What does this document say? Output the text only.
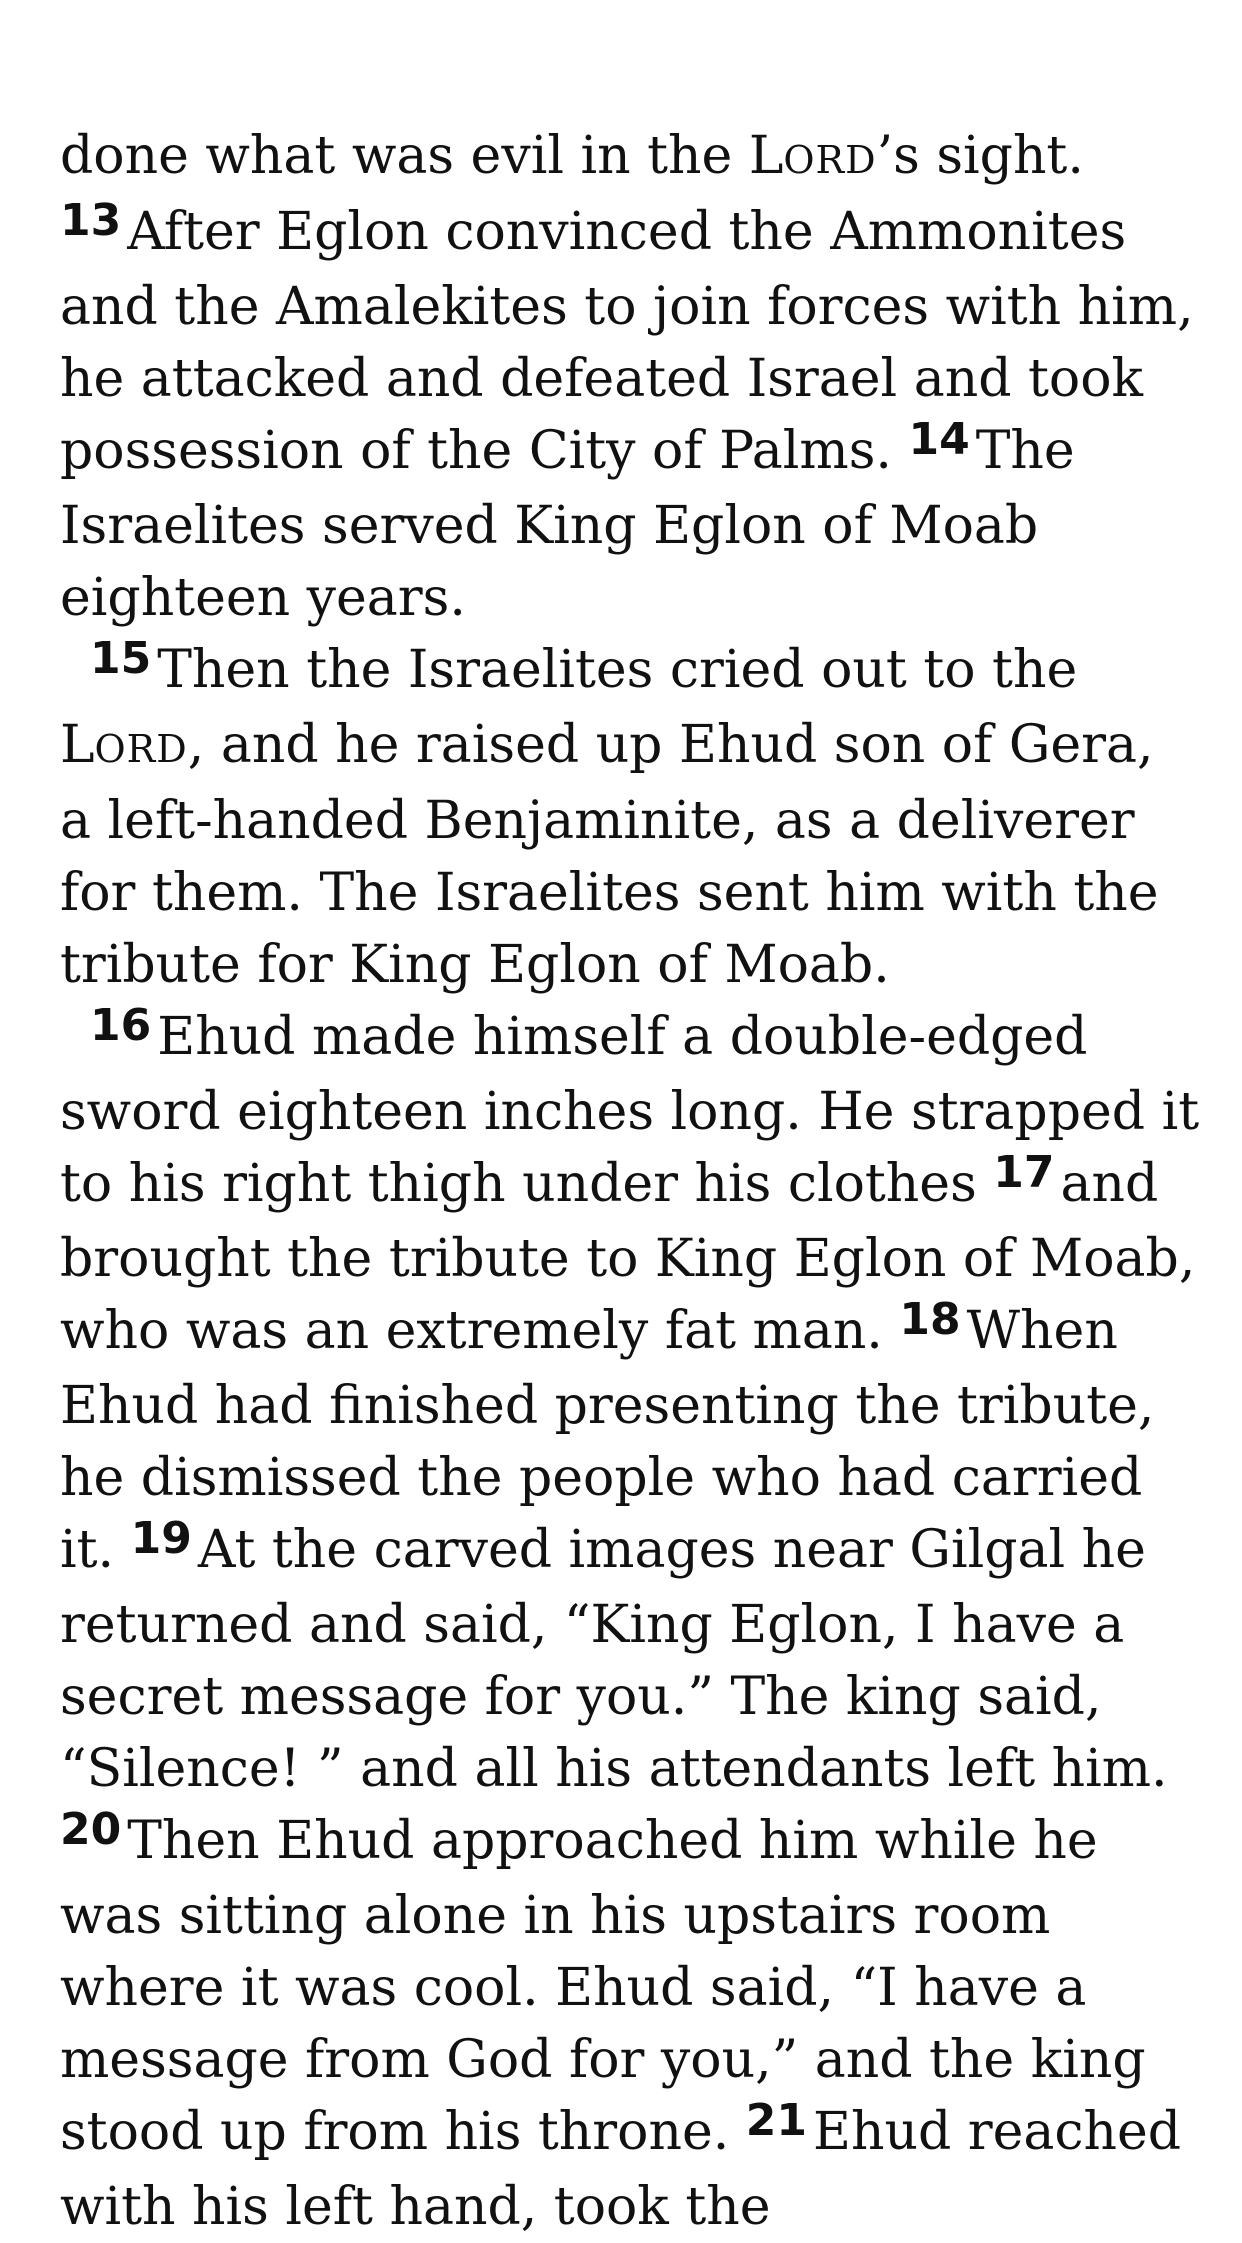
done what was evil in the LORD’s sight. $^{13}$ After Eglon convinced the Ammonites and the Amalekites to join forces with him, he attacked and defeated Israel and took possession of the City of Palms. $^{14}$ The Israelites served King Eglon of Moab eighteen years.

$^{15}$ Then the Israelites cried out to the LORD, and he raised up Ehud son of Gera, a left-handed Benjaminite, as a deliverer for them. The Israelites sent him with the tribute for King Eglon of Moab.

$^{16}$ Ehud made himself a double-edged sword eighteen inches long. He strapped it to his right thigh under his clothes $^{17}$ and brought the tribute to King Eglon of Moab, who was an extremely fat man. $^{18}$ When Ehud had finished presenting the tribute, he dismissed the people who had carried it. $^{19}$ At the carved images near Gilgal he returned and said, “King Eglon, I have a secret message for you.” The king said, “Silence! ” and all his attendants left him. $^{20}$ Then Ehud approached him while he was sitting alone in his upstairs room where it was cool. Ehud said, “I have a message from God for you,” and the king stood up from his throne. $^{21}$ Ehud reached with his left hand, took the
